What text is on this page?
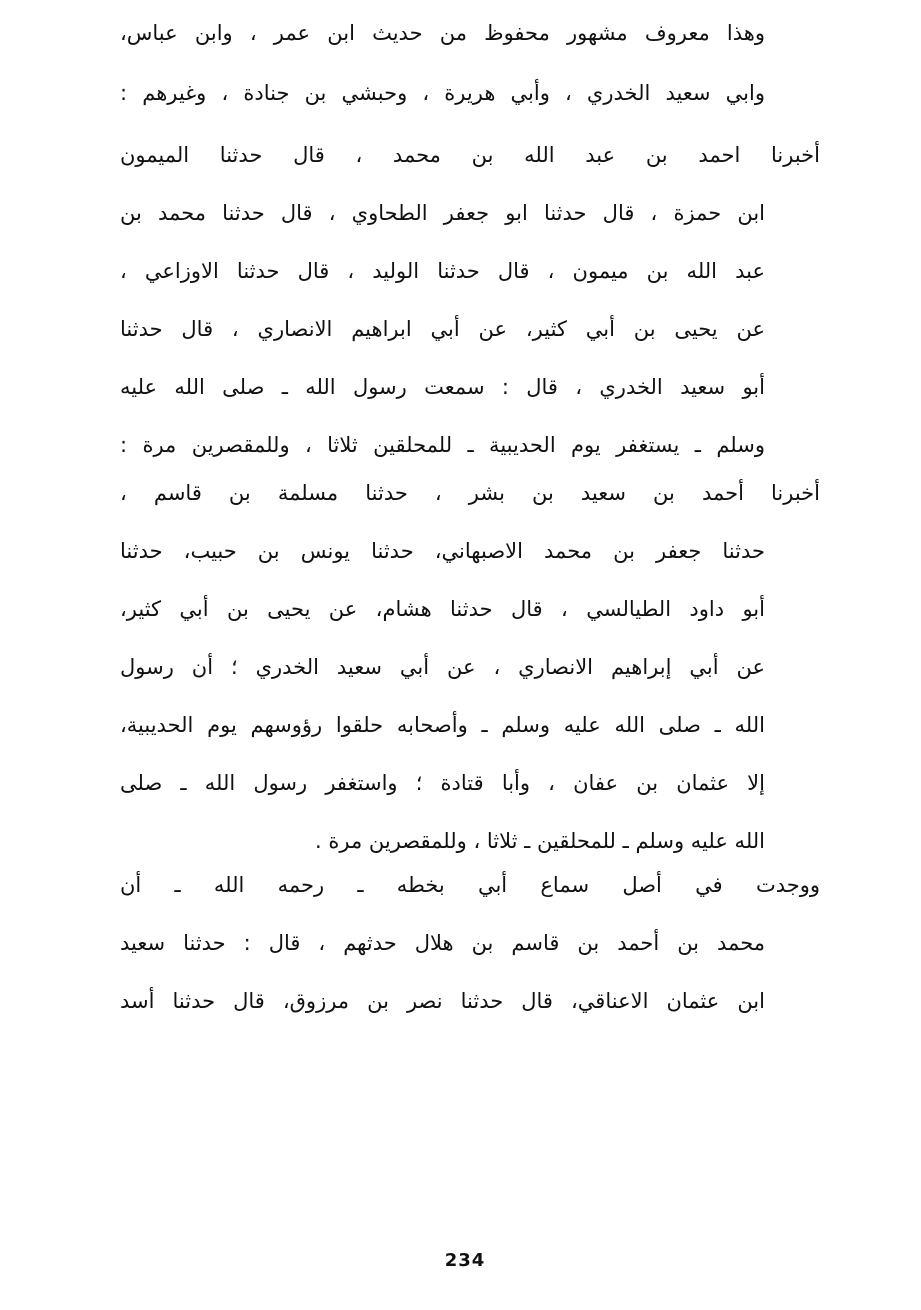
وهذا معروف مشهور محفوظ من حديث ابن عمر ، وابن عباس،
وابي سعيد الخدري ، وأبي هريرة ، وحبشي بن جنادة ، وغيرهم :
أخبرنا احمد بن عبد الله بن محمد ، قال حدثنا الميمون
ابن حمزة ، قال حدثنا ابو جعفر الطحاوي ، قال حدثنا محمد بن
عبد الله بن ميمون ، قال حدثنا الوليد ، قال حدثنا الاوزاعي ،
عن يحيى بن أبي كثير، عن أبي ابراهيم الانصاري ، قال حدثنا
أبو سعيد الخدري ، قال : سمعت رسول الله ـ صلى الله عليه
وسلم ـ يستغفر يوم الحديبية ـ للمحلقين ثلاثا ، وللمقصرين مرة :
أخبرنا أحمد بن سعيد بن بشر ، حدثنا مسلمة بن قاسم ،
حدثنا جعفر بن محمد الاصبهاني، حدثنا يونس بن حبيب، حدثنا
أبو داود الطيالسي ، قال حدثنا هشام، عن يحيى بن أبي كثير،
عن أبي إبراهيم الانصاري ، عن أبي سعيد الخدري ؛ أن رسول
الله ـ صلى الله عليه وسلم ـ وأصحابه حلقوا رؤوسهم يوم الحديبية،
إلا عثمان بن عفان ، وأبا قتادة ؛ واستغفر رسول الله ـ صلى
الله عليه وسلم ـ للمحلقين ـ ثلاثا ، وللمقصرين مرة .
ووجدت في أصل سماع أبي بخطه ـ رحمه الله ـ أن
محمد بن أحمد بن قاسم بن هلال حدثهم ، قال : حدثنا سعيد
ابن عثمان الاعناقي، قال حدثنا نصر بن مرزوق، قال حدثنا أسد
234
